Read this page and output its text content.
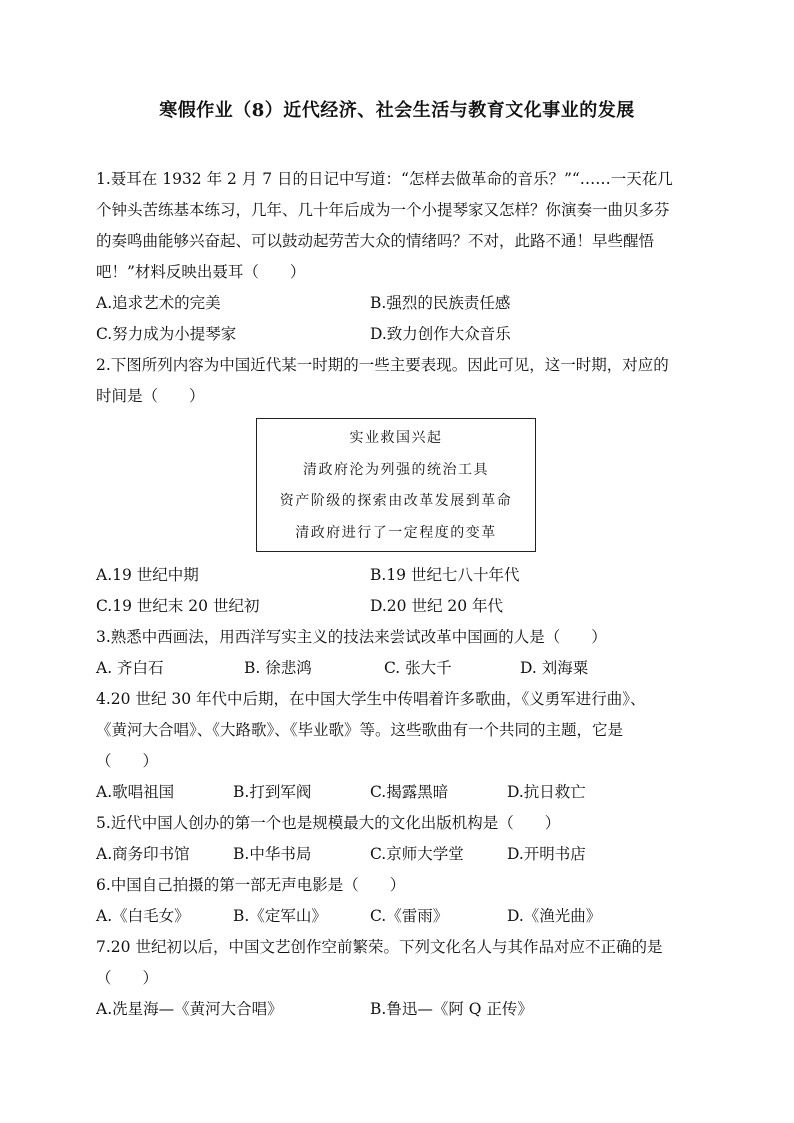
寒假作业（8）近代经济、社会生活与教育文化事业的发展
1.聂耳在 1932 年 2 月 7 日的日记中写道：“怎样去做革命的音乐？”“……一天花几
个钟头苦练基本练习，几年、几十年后成为一个小提琴家又怎样？你演奏一曲贝多芬
的奏鸣曲能够兴奋起、可以鼓动起劳苦大众的情绪吗？不对，此路不通！早些醒悟
吧！”材料反映出聂耳（　　）
A.追求艺术的完美	B.强烈的民族责任感
C.努力成为小提琴家	D.致力创作大众音乐
2.下图所列内容为中国近代某一时期的一些主要表现。因此可见，这一时期，对应的
时间是（　　）
实业救国兴起
清政府沦为列强的统治工具
资产阶级的探索由改革发展到革命
清政府进行了一定程度的变革
A.19 世纪中期	B.19 世纪七八十年代
C.19 世纪末 20 世纪初	D.20 世纪 20 年代
3.熟悉中西画法，用西洋写实主义的技法来尝试改革中国画的人是（　　）
A. 齐白石	B. 徐悲鸿	C. 张大千	D. 刘海粟
4.20 世纪 30 年代中后期，在中国大学生中传唱着许多歌曲，《义勇军进行曲》、
《黄河大合唱》、《大路歌》、《毕业歌》等。这些歌曲有一个共同的主题，它是
（　　）
A.歌唱祖国	B.打到军阀	C.揭露黑暗	D.抗日救亡
5.近代中国人创办的第一个也是规模最大的文化出版机构是（　　）
A.商务印书馆	B.中华书局	C.京师大学堂	D.开明书店
6.中国自己拍摄的第一部无声电影是（　　）
A.《白毛女》	B.《定军山》	C.《雷雨》	D.《渔光曲》
7.20 世纪初以后，中国文艺创作空前繁荣。下列文化名人与其作品对应不正确的是
（　　）
A.冼星海—《黄河大合唱》	B.鲁迅—《阿 Q 正传》
